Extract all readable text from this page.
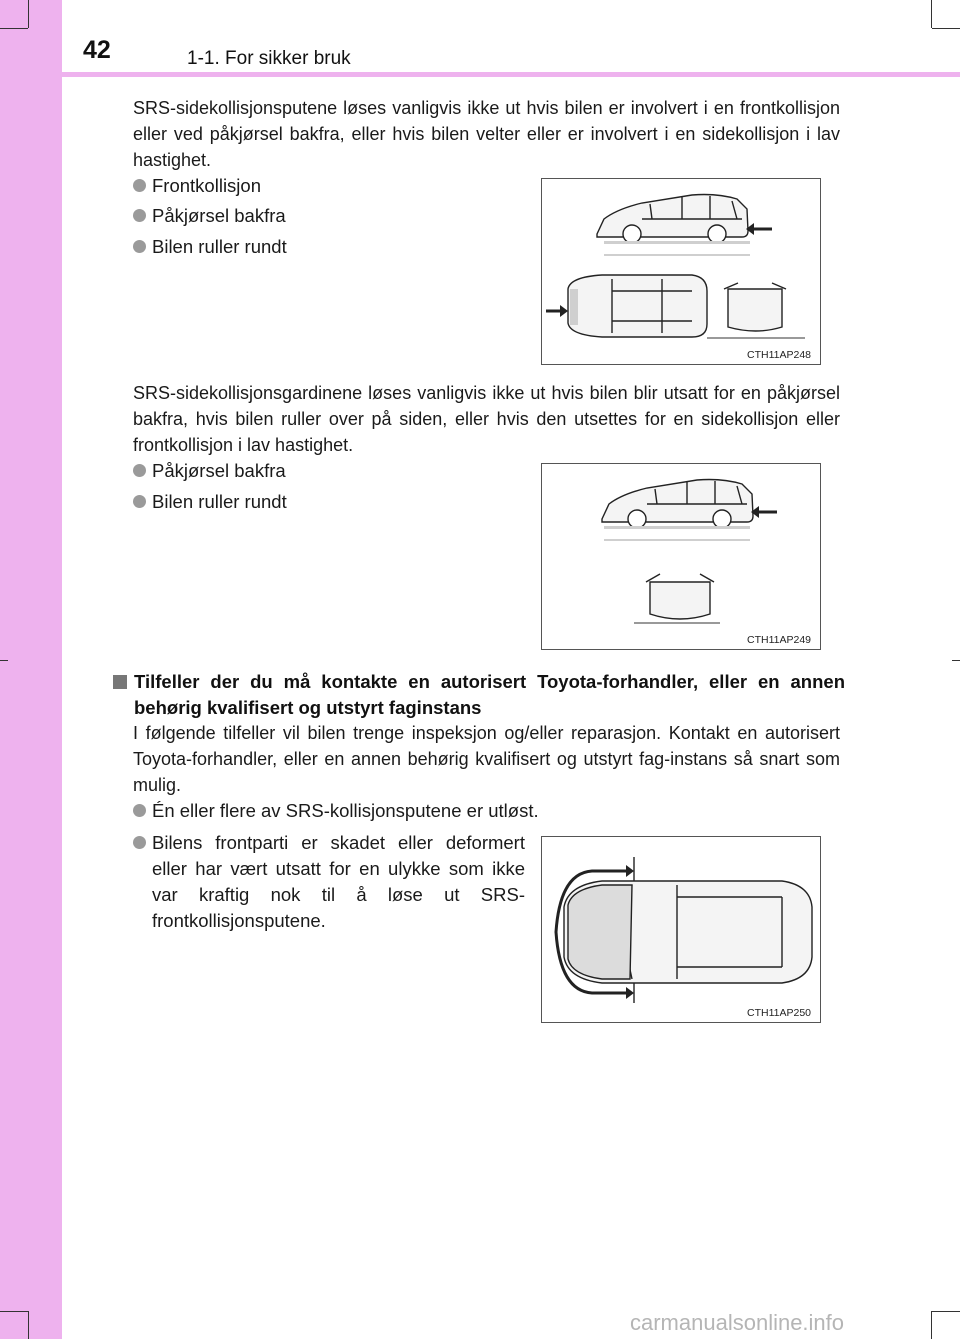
42	1-1. For sikker bruk
SRS-sidekollisjonsputene løses vanligvis ikke ut hvis bilen er involvert i en frontkollisjon eller ved påkjørsel bakfra, eller hvis bilen velter eller er involvert i en sidekollisjon i lav hastighet.
Frontkollisjon
Påkjørsel bakfra
Bilen ruller rundt
CTH11AP248
SRS-sidekollisjonsgardinene løses vanligvis ikke ut hvis bilen blir utsatt for en påkjørsel bakfra, hvis bilen ruller over på siden, eller hvis den utsettes for en sidekollisjon eller frontkollisjon i lav hastighet.
Påkjørsel bakfra
Bilen ruller rundt
CTH11AP249
Tilfeller der du må kontakte en autorisert Toyota-forhandler, eller en annen behørig kvalifisert og utstyrt faginstans
I følgende tilfeller vil bilen trenge inspeksjon og/eller reparasjon. Kontakt en autorisert Toyota-forhandler, eller en annen behørig kvalifisert og utstyrt fag-instans så snart som mulig.
Én eller flere av SRS-kollisjonsputene er utløst.
Bilens frontparti er skadet eller deformert eller har vært utsatt for en ulykke som ikke var kraftig nok til å løse ut SRS-frontkollisjonsputene.
CTH11AP250
carmanualsonline.info
